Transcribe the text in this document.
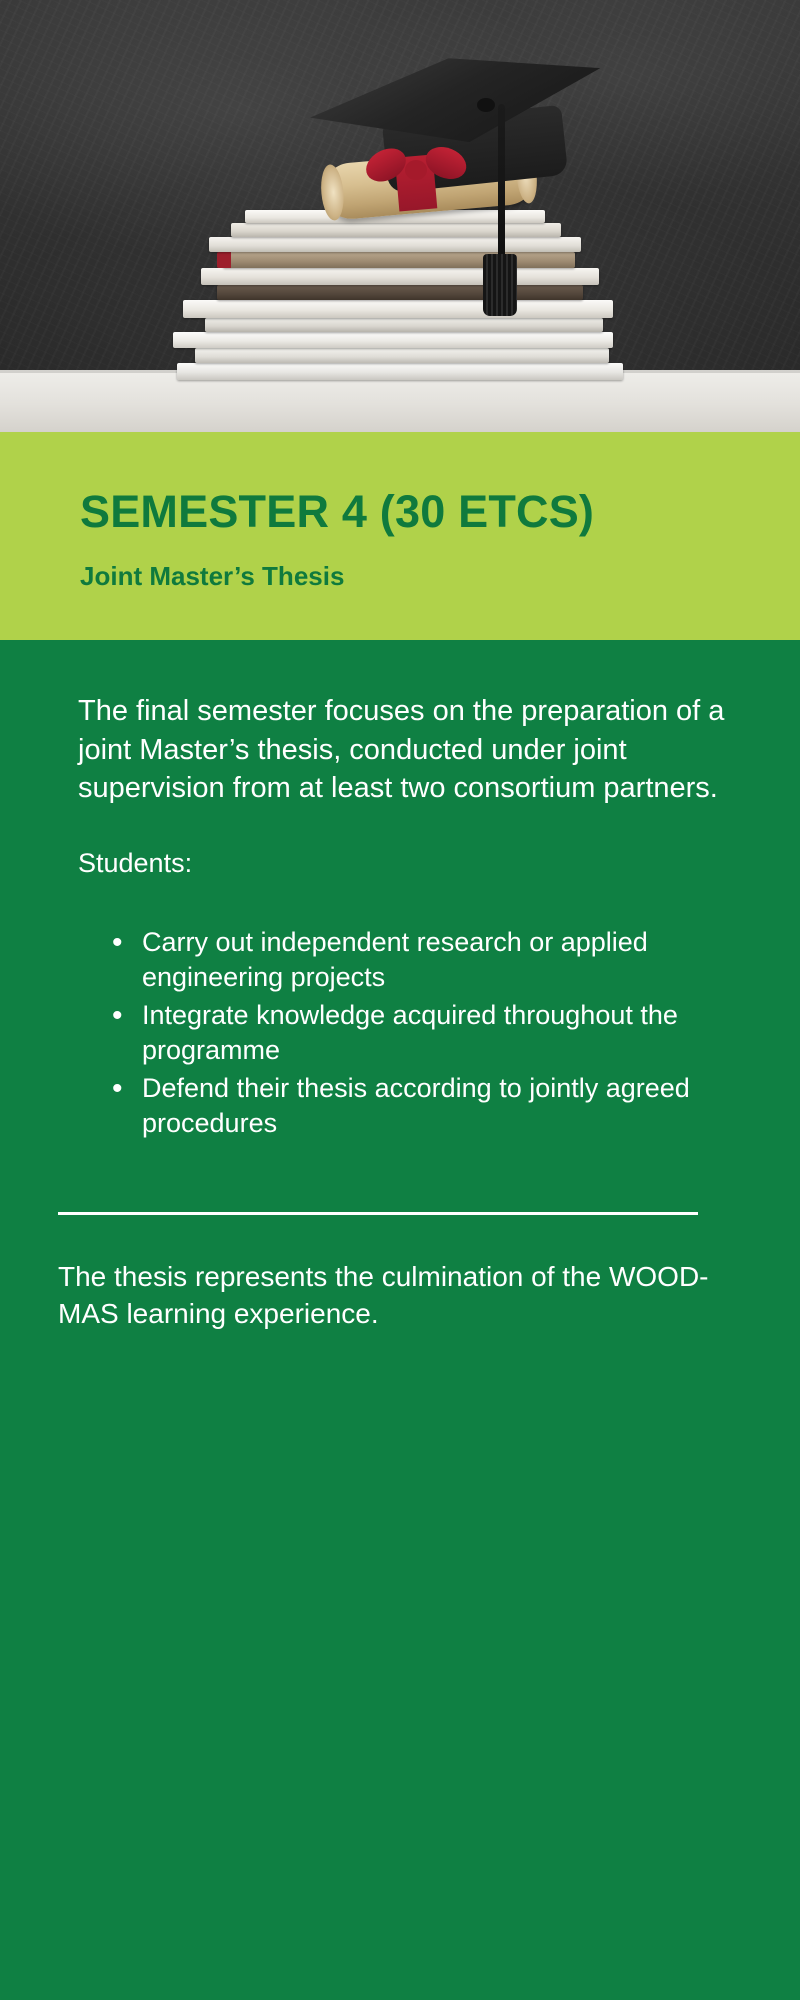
SEMESTER 4 (30 ETCS)
Joint Master’s Thesis

The final semester focuses on the preparation of a joint Master’s thesis, conducted under joint supervision from at least two consortium partners.

Students:

• Carry out independent research or applied engineering projects
• Integrate knowledge acquired throughout the programme
• Defend their thesis according to jointly agreed procedures

The thesis represents the culmination of the WOOD-MAS learning experience.
